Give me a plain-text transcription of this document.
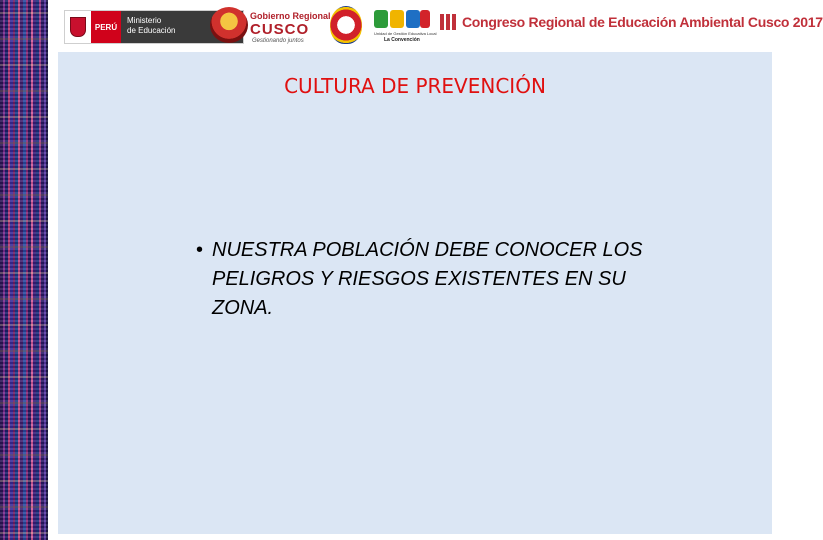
PERÚ
Ministerio
de Educación
Gobierno Regional
CUSCO
Gestionando juntos
Unidad de Gestión Educativa Local
La Convención
Congreso Regional de Educación Ambiental Cusco 2017
CULTURA DE PREVENCIÓN
• NUESTRA POBLACIÓN DEBE CONOCER LOS PELIGROS Y RIESGOS EXISTENTES EN SU ZONA.
